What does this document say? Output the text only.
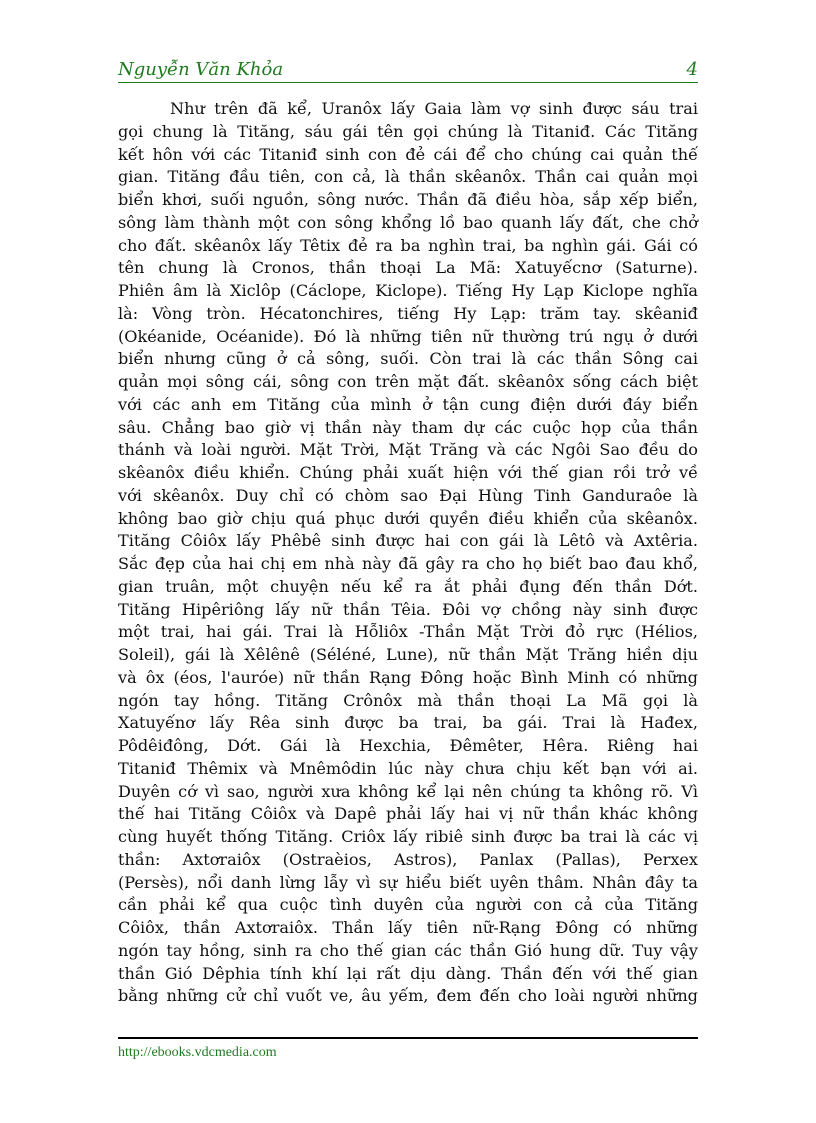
Nguyễn Văn Khỏa	4
Như trên đã kể, Uranôx lấy Gaia làm vợ sinh được sáu trai
gọi chung là Tităng, sáu gái tên gọi chúng là Titaniđ. Các Tităng
kết hôn với các Titaniđ sinh con đẻ cái để cho chúng cai quản thế
gian. Tităng đầu tiên, con cả, là thần skêanôx. Thần cai quản mọi
biển khơi, suối nguồn, sông nước. Thần đã điều hòa, sắp xếp biển,
sông làm thành một con sông khổng lồ bao quanh lấy đất, che chở
cho đất. skêanôx lấy Têtix đẻ ra ba nghìn trai, ba nghìn gái. Gái có
tên chung là Cronos, thần thoại La Mã: Xatuyếcnơ (Saturne).
Phiên âm là Xiclôp (Cáclope, Kiclope). Tiếng Hy Lạp Kiclope nghĩa
là: Vòng tròn. Hécatonchires, tiếng Hy Lạp: trăm tay. skêaniđ
(Okéanide, Océanide). Đó là những tiên nữ thường trú ngụ ở dưới
biển nhưng cũng ở cả sông, suối. Còn trai là các thần Sông cai
quản mọi sông cái, sông con trên mặt đất. skêanôx sống cách biệt
với các anh em Tităng của mình ở tận cung điện dưới đáy biển
sâu. Chẳng bao giờ vị thần này tham dự các cuộc họp của thần
thánh và loài người. Mặt Trời, Mặt Trăng và các Ngôi Sao đều do
skêanôx điều khiển. Chúng phải xuất hiện với thế gian rồi trở về
với skêanôx. Duy chỉ có chòm sao Đại Hùng Tinh Ganduraôe là
không bao giờ chịu quá phục dưới quyền điều khiển của skêanôx.
Tităng Côiôx lấy Phêbê sinh được hai con gái là Lêtô và Axtêria.
Sắc đẹp của hai chị em nhà này đã gây ra cho họ biết bao đau khổ,
gian truân, một chuyện nếu kể ra ắt phải đụng đến thần Dớt.
Tităng Hipêriông lấy nữ thần Têia. Đôi vợ chồng này sinh được
một trai, hai gái. Trai là Hỗliôx -Thần Mặt Trời đỏ rực (Hélios,
Soleil), gái là Xêlênê (Séléné, Lune), nữ thần Mặt Trăng hiền dịu
và ôx (éos, l'auróe) nữ thần Rạng Đông hoặc Bình Minh có những
ngón tay hồng. Tităng Crônôx mà thần thoại La Mã gọi là
Xatuyếnơ lấy Rêa sinh được ba trai, ba gái. Trai là Hađex,
Pôdêiđông, Dớt. Gái là Hexchia, Đêmêter, Hêra. Riêng hai
Titaniđ Thêmix và Mnêmôdin lúc này chưa chịu kết bạn với ai.
Duyên cớ vì sao, người xưa không kể lại nên chúng ta không rõ. Vì
thế hai Tităng Côiôx và Dapê phải lấy hai vị nữ thần khác không
cùng huyết thống Tităng. Criôx lấy ribiê sinh được ba trai là các vị
thần: Axtơraiôx (Ostraèios, Astros), Panlax (Pallas), Perxex
(Persès), nổi danh lừng lẫy vì sự hiểu biết uyên thâm. Nhân đây ta
cần phải kể qua cuộc tình duyên của người con cả của Tităng
Côiôx, thần Axtơraiôx. Thần lấy tiên nữ-Rạng Đông có những
ngón tay hồng, sinh ra cho thế gian các thần Gió hung dữ. Tuy vậy
thần Gió Dêphia tính khí lại rất dịu dàng. Thần đến với thế gian
bằng những cử chỉ vuốt ve, âu yếm, đem đến cho loài người những
http://ebooks.vdcmedia.com
